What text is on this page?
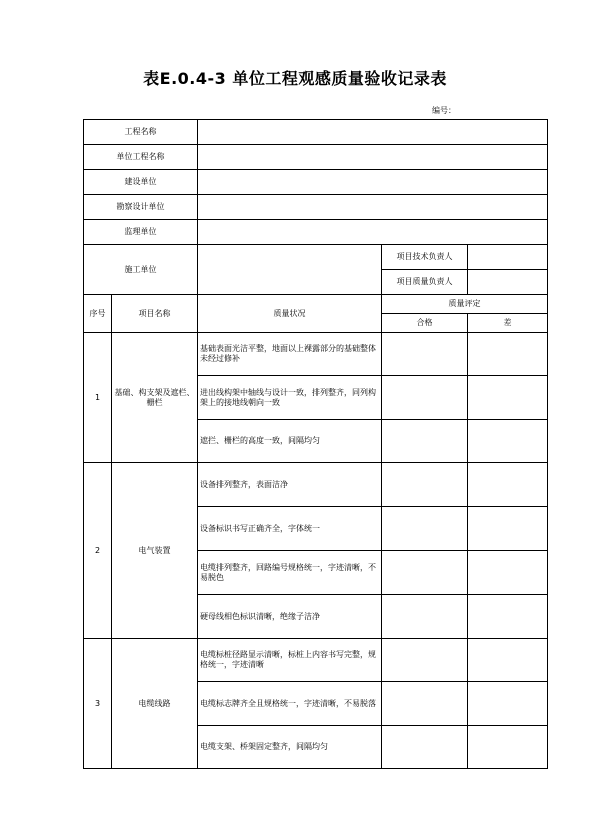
表E.0.4-3 单位工程观感质量验收记录表
编号：
工程名称				
单位工程名称				
建设单位				
勘察设计单位				
监理单位				
施工单位			项目技术负责人	
			项目质量负责人	
序号	项目名称	质量状况	质量评定	
			合格	差
1	基础、构支架及遮栏、栅栏	基础表面光洁平整，地面以上裸露部分的基础整体未经过修补		
		进出线构架中轴线与设计一致，排列整齐，同列构架上的接地线朝向一致		
		遮拦、栅栏的高度一致，间隔均匀		
2	电气装置	设备排列整齐，表面洁净		
		设备标识书写正确齐全，字体统一		
		电缆排列整齐，回路编号规格统一，字迹清晰，不易脱色		
		硬母线相色标识清晰，绝缘子洁净		
3	电缆线路	电缆标桩径路显示清晰，标桩上内容书写完整，规格统一，字迹清晰		
		电缆标志牌齐全且规格统一，字迹清晰，不易脱落		
		电缆支架、桥架固定整齐，间隔均匀		
